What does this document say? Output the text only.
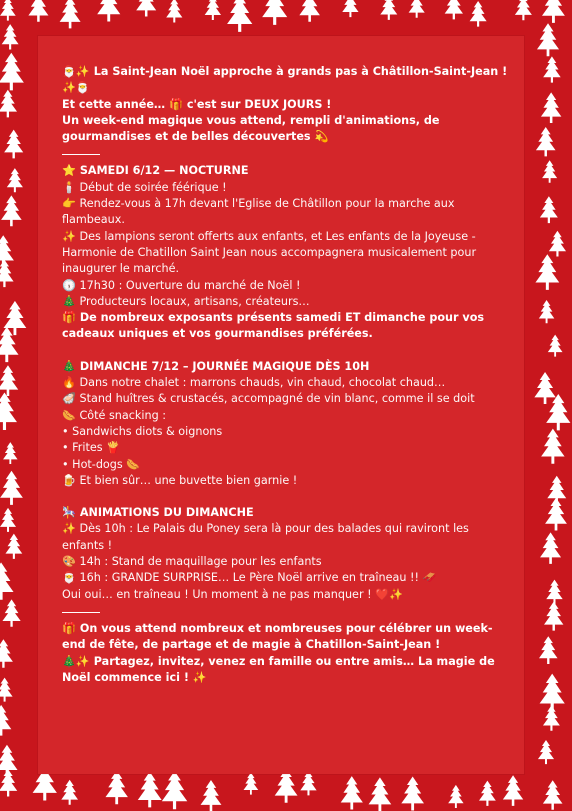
🎅✨ La Saint-Jean Noël approche à grands pas à Châtillon-Saint-Jean ! ✨🎅

Et cette année… 🎁 c'est sur DEUX JOURS !

Un week-end magique vous attend, rempli d'animations, de gourmandises et de belles découvertes 💫

⭐ SAMEDI 6/12 — NOCTURNE

🕯️ Début de soirée féérique !

👉 Rendez-vous à 17h devant l'Eglise de Châtillon pour la marche aux flambeaux.

✨ Des lampions seront offerts aux enfants, et Les enfants de la Joyeuse - Harmonie de Chatillon Saint Jean nous accompagnera musicalement pour inaugurer le marché.

🕠 17h30 : Ouverture du marché de Noël !

🎄 Producteurs locaux, artisans, créateurs…

🎁 De nombreux exposants présents samedi ET dimanche pour vos cadeaux uniques et vos gourmandises préférées.

🎄 DIMANCHE 7/12 – JOURNÉE MAGIQUE DÈS 10H

🔥 Dans notre chalet : marrons chauds, vin chaud, chocolat chaud…

🦪 Stand huîtres & crustacés, accompagné de vin blanc, comme il se doit

🌭 Côté snacking :

• Sandwichs diots & oignons

• Frites 🍟

• Hot-dogs 🌭

🍺 Et bien sûr… une buvette bien garnie !

🎠 ANIMATIONS DU DIMANCHE

✨ Dès 10h : Le Palais du Poney sera là pour des balades qui raviront les enfants !

🎨 14h : Stand de maquillage pour les enfants

🎅 16h : GRANDE SURPRISE… Le Père Noël arrive en traîneau !! 🛷

Oui oui… en traîneau ! Un moment à ne pas manquer ! ❤️✨

🎁 On vous attend nombreux et nombreuses pour célébrer un week-end de fête, de partage et de magie à Chatillon-Saint-Jean !

🎄✨ Partagez, invitez, venez en famille ou entre amis… La magie de Noël commence ici ! ✨
